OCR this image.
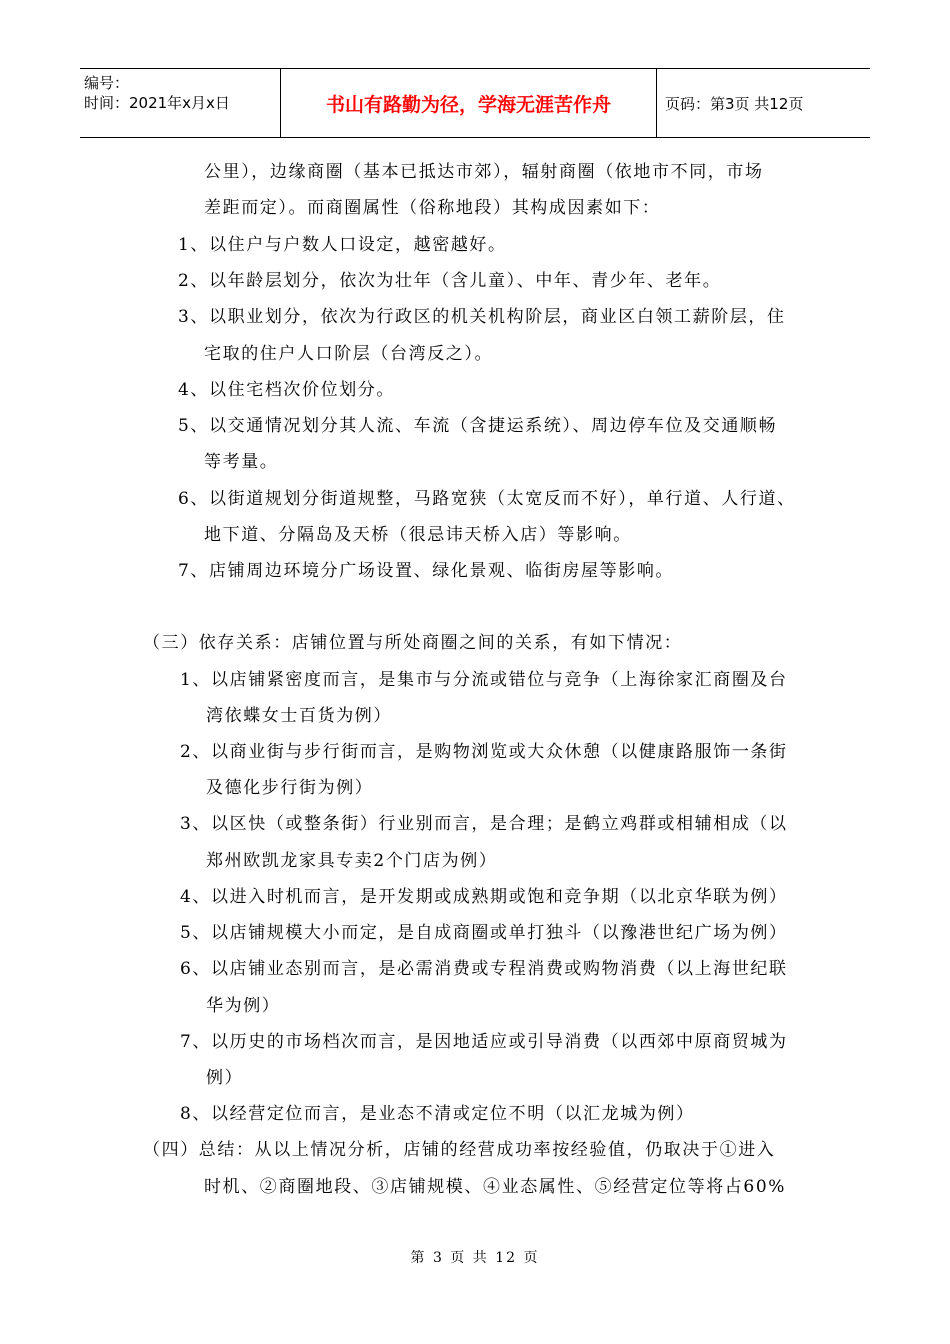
编号：
时间：2021年x月x日	书山有路勤为径，学海无涯苦作舟	页码：第3页 共12页
公里），边缘商圈（基本已抵达市郊），辐射商圈（依地市不同，市场
差距而定）。而商圈属性（俗称地段）其构成因素如下：
1、以住户与户数人口设定，越密越好。
2、以年龄层划分，依次为壮年（含儿童）、中年、青少年、老年。
3、以职业划分，依次为行政区的机关机构阶层，商业区白领工薪阶层，住
宅取的住户人口阶层（台湾反之）。
4、以住宅档次价位划分。
5、以交通情况划分其人流、车流（含捷运系统）、周边停车位及交通顺畅
等考量。
6、以街道规划分街道规整，马路宽狭（太宽反而不好），单行道、人行道、
地下道、分隔岛及天桥（很忌讳天桥入店）等影响。
7、店铺周边环境分广场设置、绿化景观、临街房屋等影响。
（三）依存关系：店铺位置与所处商圈之间的关系，有如下情况：
1、以店铺紧密度而言，是集市与分流或错位与竞争（上海徐家汇商圈及台
湾依蝶女士百货为例）
2、以商业街与步行街而言，是购物浏览或大众休憩（以健康路服饰一条街
及德化步行街为例）
3、以区快（或整条街）行业别而言，是合理；是鹤立鸡群或相辅相成（以
郑州欧凯龙家具专卖2个门店为例）
4、以进入时机而言，是开发期或成熟期或饱和竞争期（以北京华联为例）
5、以店铺规模大小而定，是自成商圈或单打独斗（以豫港世纪广场为例）
6、以店铺业态别而言，是必需消费或专程消费或购物消费（以上海世纪联
华为例）
7、以历史的市场档次而言，是因地适应或引导消费（以西郊中原商贸城为
例）
8、以经营定位而言，是业态不清或定位不明（以汇龙城为例）
（四）总结：从以上情况分析，店铺的经营成功率按经验值，仍取决于①进入
时机、②商圈地段、③店铺规模、④业态属性、⑤经营定位等将占60%
第 3 页 共 12 页
